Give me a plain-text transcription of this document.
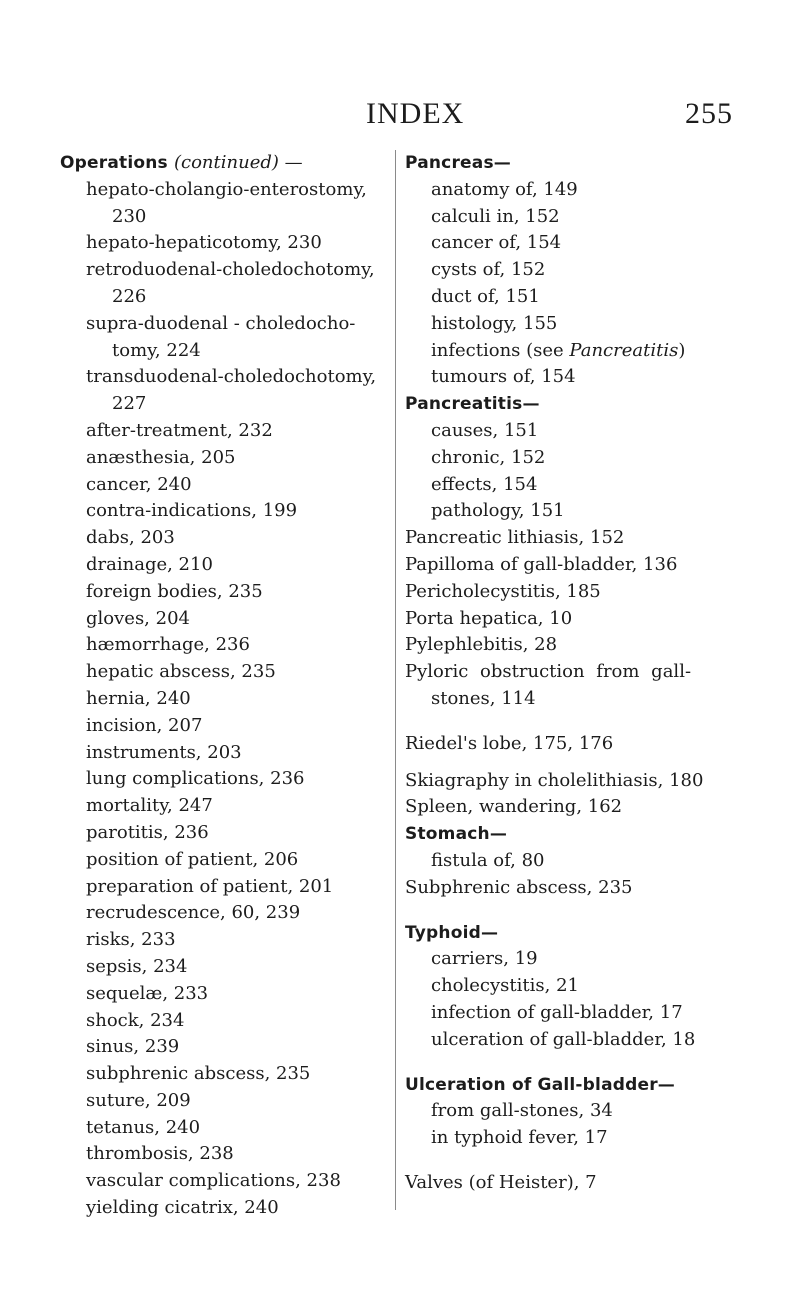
INDEX	255
Operations (continued) —
hepato-cholangio-enterostomy,
230
hepato-hepaticotomy, 230
retroduodenal-choledochotomy,
226
supra-duodenal - choledocho-
tomy, 224
transduodenal-choledochotomy,
227
after-treatment, 232
anæsthesia, 205
cancer, 240
contra-indications, 199
dabs, 203
drainage, 210
foreign bodies, 235
gloves, 204
hæmorrhage, 236
hepatic abscess, 235
hernia, 240
incision, 207
instruments, 203
lung complications, 236
mortality, 247
parotitis, 236
position of patient, 206
preparation of patient, 201
recrudescence, 60, 239
risks, 233
sepsis, 234
sequelæ, 233
shock, 234
sinus, 239
subphrenic abscess, 235
suture, 209
tetanus, 240
thrombosis, 238
vascular complications, 238
yielding cicatrix, 240
Pancreas—
anatomy of, 149
calculi in, 152
cancer of, 154
cysts of, 152
duct of, 151
histology, 155
infections (see Pancreatitis)
tumours of, 154
Pancreatitis—
causes, 151
chronic, 152
effects, 154
pathology, 151
Pancreatic lithiasis, 152
Papilloma of gall-bladder, 136
Pericholecystitis, 185
Porta hepatica, 10
Pylephlebitis, 28
Pyloric obstruction from gall-
stones, 114
Riedel's lobe, 175, 176
Skiagraphy in cholelithiasis, 180
Spleen, wandering, 162
Stomach—
fistula of, 80
Subphrenic abscess, 235
Typhoid—
carriers, 19
cholecystitis, 21
infection of gall-bladder, 17
ulceration of gall-bladder, 18
Ulceration of Gall-bladder—
from gall-stones, 34
in typhoid fever, 17
Valves (of Heister), 7
